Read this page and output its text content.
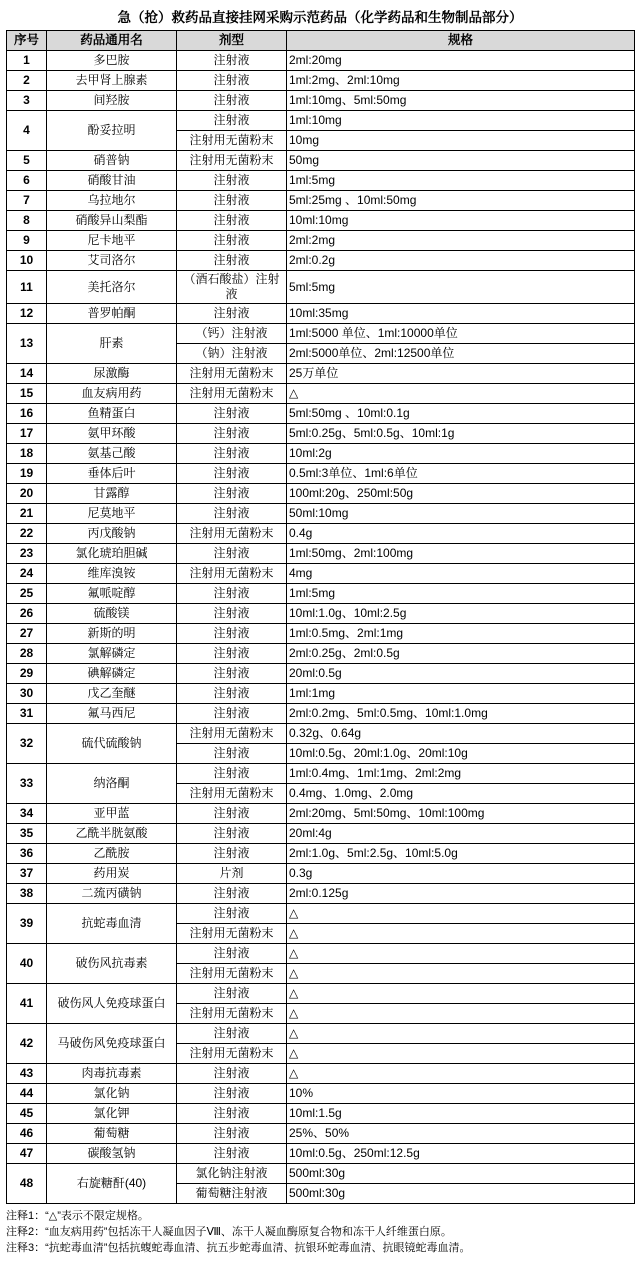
急（抢）救药品直接挂网采购示范药品（化学药品和生物制品部分）
序号	药品通用名	剂型	规格
1	多巴胺	注射液	2ml:20mg
2	去甲肾上腺素	注射液	1ml:2mg、2ml:10mg
3	间羟胺	注射液	1ml:10mg、5ml:50mg
4	酚妥拉明	注射液	1ml:10mg
		注射用无菌粉末	10mg
5	硝普钠	注射用无菌粉末	50mg
6	硝酸甘油	注射液	1ml:5mg
7	乌拉地尔	注射液	5ml:25mg 、10ml:50mg
8	硝酸异山梨酯	注射液	10ml:10mg
9	尼卡地平	注射液	2ml:2mg
10	艾司洛尔	注射液	2ml:0.2g
11	美托洛尔	（酒石酸盐）注射液	5ml:5mg
12	普罗帕酮	注射液	10ml:35mg
13	肝素	（钙）注射液	1ml:5000 单位、1ml:10000单位
		（钠）注射液	2ml:5000单位、2ml:12500单位
14	尿激酶	注射用无菌粉末	25万单位
15	血友病用药	注射用无菌粉末	△
16	鱼精蛋白	注射液	5ml:50mg 、10ml:0.1g
17	氨甲环酸	注射液	5ml:0.25g、5ml:0.5g、10ml:1g
18	氨基己酸	注射液	10ml:2g
19	垂体后叶	注射液	0.5ml:3单位、1ml:6单位
20	甘露醇	注射液	100ml:20g、250ml:50g
21	尼莫地平	注射液	50ml:10mg
22	丙戊酸钠	注射用无菌粉末	0.4g
23	氯化琥珀胆碱	注射液	1ml:50mg、2ml:100mg
24	维库溴铵	注射用无菌粉末	4mg
25	氟哌啶醇	注射液	1ml:5mg
26	硫酸镁	注射液	10ml:1.0g、10ml:2.5g
27	新斯的明	注射液	1ml:0.5mg、2ml:1mg
28	氯解磷定	注射液	2ml:0.25g、2ml:0.5g
29	碘解磷定	注射液	20ml:0.5g
30	戊乙奎醚	注射液	1ml:1mg
31	氟马西尼	注射液	2ml:0.2mg、5ml:0.5mg、10ml:1.0mg
32	硫代硫酸钠	注射用无菌粉末	0.32g、0.64g
		注射液	10ml:0.5g、20ml:1.0g、20ml:10g
33	纳洛酮	注射液	1ml:0.4mg、1ml:1mg、2ml:2mg
		注射用无菌粉末	0.4mg、1.0mg、2.0mg
34	亚甲蓝	注射液	2ml:20mg、5ml:50mg、10ml:100mg
35	乙酰半胱氨酸	注射液	20ml:4g
36	乙酰胺	注射液	2ml:1.0g、5ml:2.5g、10ml:5.0g
37	药用炭	片剂	0.3g
38	二巯丙磺钠	注射液	2ml:0.125g
39	抗蛇毒血清	注射液	△
		注射用无菌粉末	△
40	破伤风抗毒素	注射液	△
		注射用无菌粉末	△
41	破伤风人免疫球蛋白	注射液	△
		注射用无菌粉末	△
42	马破伤风免疫球蛋白	注射液	△
		注射用无菌粉末	△
43	肉毒抗毒素	注射液	△
44	氯化钠	注射液	10%
45	氯化钾	注射液	10ml:1.5g
46	葡萄糖	注射液	25%、50%
47	碳酸氢钠	注射液	10ml:0.5g、250ml:12.5g
48	右旋糖酐(40)	氯化钠注射液	500ml:30g
		葡萄糖注射液	500ml:30g
注释1：“△”表示不限定规格。
注释2：“血友病用药”包括冻干人凝血因子Ⅷ、冻干人凝血酶原复合物和冻干人纤维蛋白原。
注释3：“抗蛇毒血清”包括抗蝮蛇毒血清、抗五步蛇毒血清、抗银环蛇毒血清、抗眼镜蛇毒血清。
